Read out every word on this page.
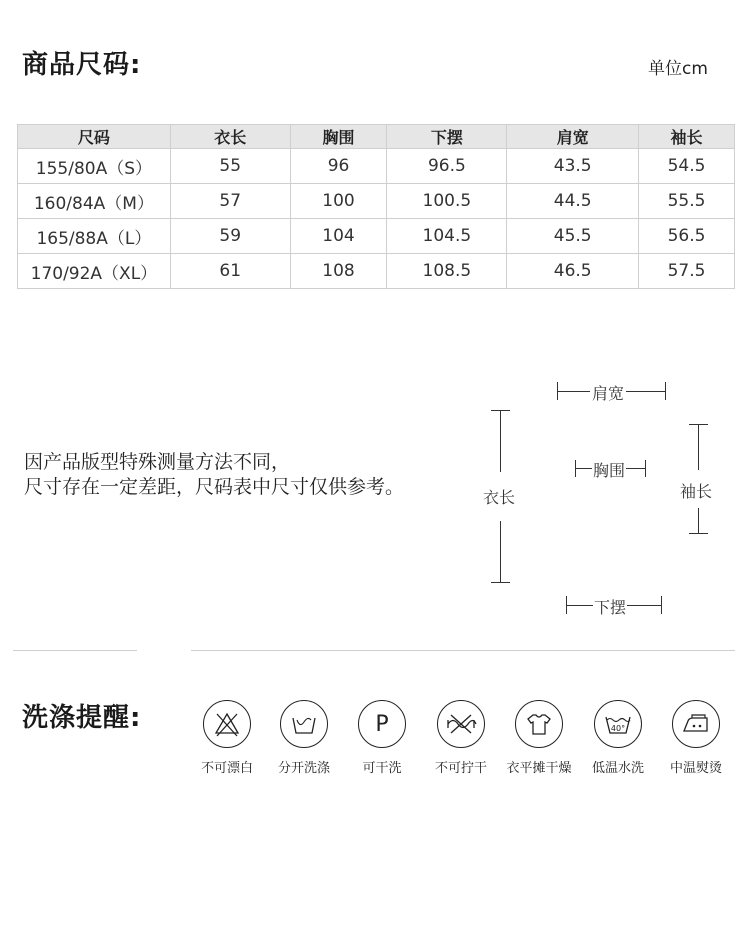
商品尺码:	单位cm
尺码	衣长	胸围	下摆	肩宽	袖长
155/80A（S）	55	96	96.5	43.5	54.5
160/84A（M）	57	100	100.5	44.5	55.5
165/88A（L）	59	104	104.5	45.5	56.5
170/92A（XL）	61	108	108.5	46.5	57.5
因产品版型特殊测量方法不同，
尺寸存在一定差距，尺码表中尺寸仅供参考。
肩宽
衣长
胸围
袖长
下摆
洗涤提醒:
不可漂白	分开洗涤
P
可干洗	不可拧干	衣平摊干燥
40°
低温水洗	中温熨烫
